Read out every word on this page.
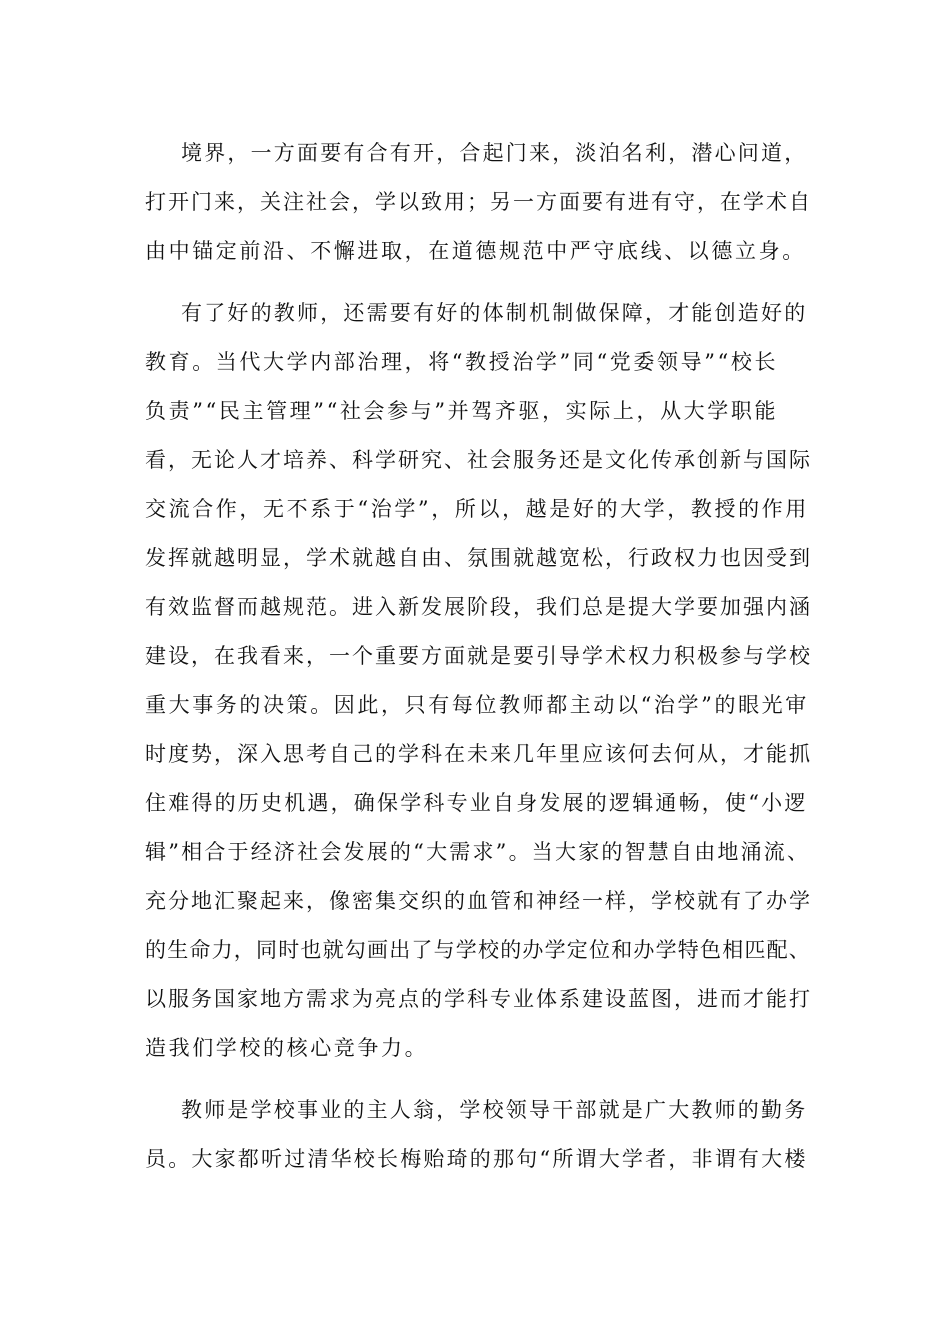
境界，一方面要有合有开，合起门来，淡泊名利，潜心问道，
打开门来，关注社会，学以致用；另一方面要有进有守，在学术自
由中锚定前沿、不懈进取，在道德规范中严守底线、以德立身。
有了好的教师，还需要有好的体制机制做保障，才能创造好的
教育。当代大学内部治理，将“教授治学”同“党委领导”“校长
负责”“民主管理”“社会参与”并驾齐驱，实际上，从大学职能
看，无论人才培养、科学研究、社会服务还是文化传承创新与国际
交流合作，无不系于“治学”，所以，越是好的大学，教授的作用
发挥就越明显，学术就越自由、氛围就越宽松，行政权力也因受到
有效监督而越规范。进入新发展阶段，我们总是提大学要加强内涵
建设，在我看来，一个重要方面就是要引导学术权力积极参与学校
重大事务的决策。因此，只有每位教师都主动以“治学”的眼光审
时度势，深入思考自己的学科在未来几年里应该何去何从，才能抓
住难得的历史机遇，确保学科专业自身发展的逻辑通畅，使“小逻
辑”相合于经济社会发展的“大需求”。当大家的智慧自由地涌流、
充分地汇聚起来，像密集交织的血管和神经一样，学校就有了办学
的生命力，同时也就勾画出了与学校的办学定位和办学特色相匹配、
以服务国家地方需求为亮点的学科专业体系建设蓝图，进而才能打
造我们学校的核心竞争力。
教师是学校事业的主人翁，学校领导干部就是广大教师的勤务
员。大家都听过清华校长梅贻琦的那句“所谓大学者，非谓有大楼
